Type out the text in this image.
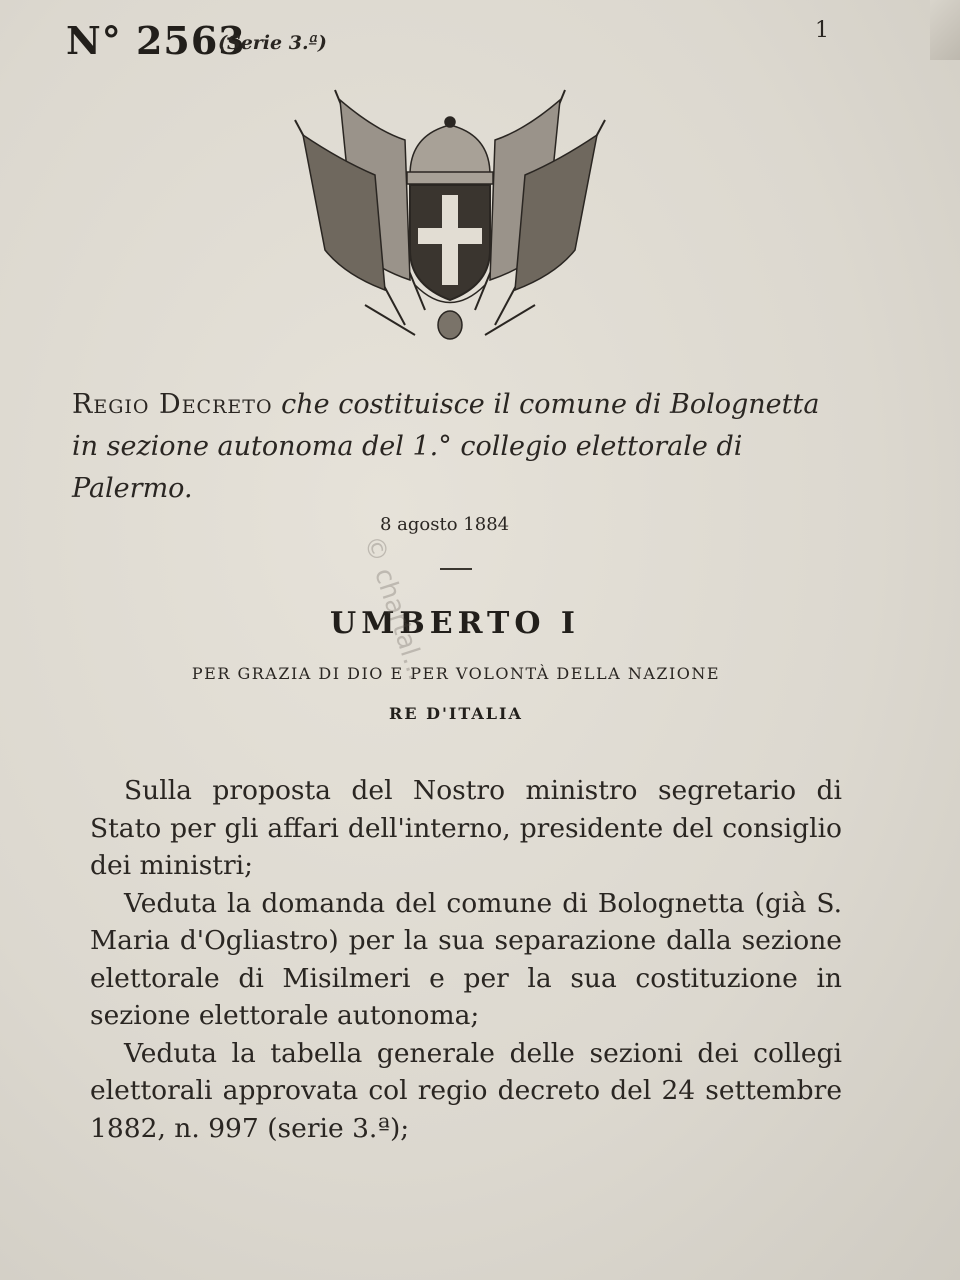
N° 2563
(Serie 3.ª)	1
Regio Decreto che costituisce il comune di Bolognetta in sezione autonoma del 1.° collegio elettorale di Palermo.
8 agosto 1884
UMBERTO I
PER GRAZIA DI DIO E PER VOLONTÀ DELLA NAZIONE
RE D'ITALIA

Sulla proposta del Nostro ministro segretario di Stato per gli affari dell'interno, presidente del consiglio dei ministri;

Veduta la domanda del comune di Bolognetta (già S. Maria d'Ogliastro) per la sua separazione dalla sezione elettorale di Misilmeri e per la sua costituzione in sezione elettorale autonoma;

Veduta la tabella generale delle sezioni dei collegi elettorali approvata col regio decreto del 24 settembre 1882, n. 997 (serie 3.ª);

© chartal...
